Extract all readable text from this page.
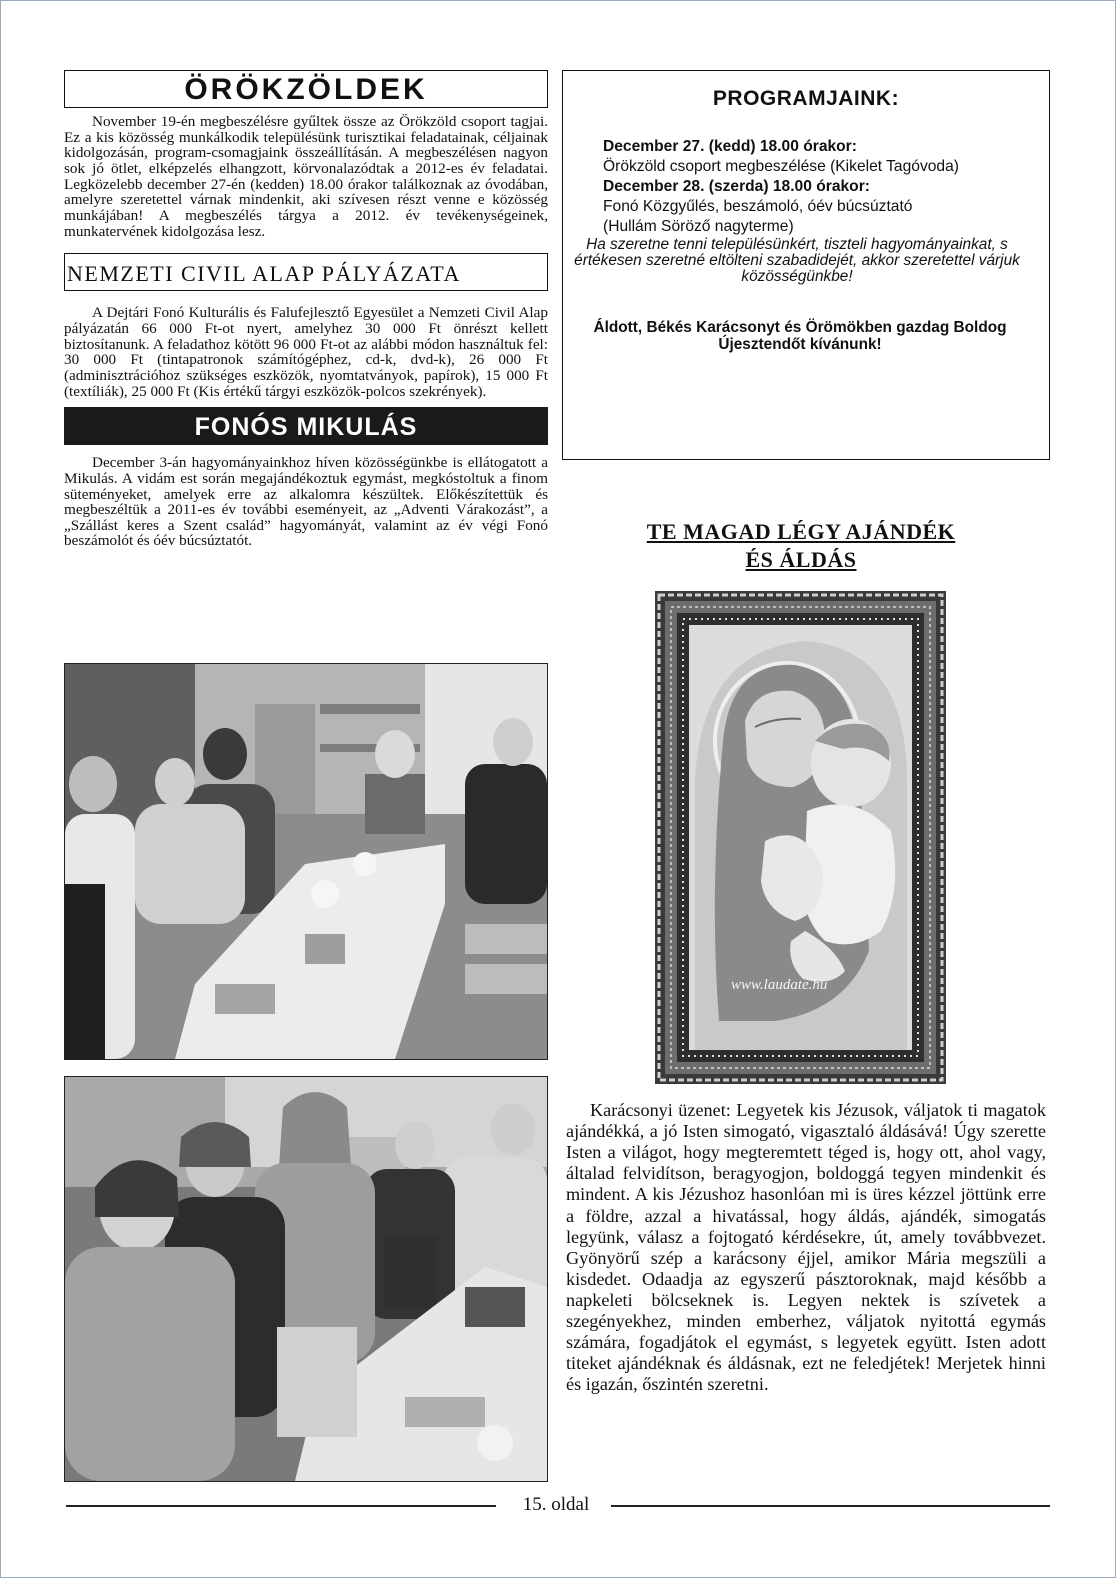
ÖRÖKZÖLDEK

November 19-én megbeszélésre gyűltek össze az Örökzöld csoport tagjai. Ez a kis közösség munkálkodik településünk turisztikai feladatainak, céljainak kidolgozásán, program-csomagjaink összeállításán. A megbeszélésen nagyon sok jó ötlet, elképzelés elhangzott, körvonalazódtak a 2012-es év feladatai. Legközelebb december 27-én (kedden) 18.00 órakor találkoznak az óvodában, amelyre szeretettel várnak mindenkit, aki szívesen részt venne e közösség munkájában! A megbeszélés tárgya a 2012. év tevékenységeinek, munkatervének kidolgozása lesz.

NEMZETI CIVIL ALAP PÁLYÁZATA

A Dejtári Fonó Kulturális és Falufejlesztő Egyesület a Nemzeti Civil Alap pályázatán 66 000 Ft-ot nyert, amelyhez 30 000 Ft önrészt kellett biztosítanunk. A feladathoz kötött 96 000 Ft-ot az alábbi módon használtuk fel: 30 000 Ft (tintapatronok számítógéphez, cd-k, dvd-k), 26 000 Ft (adminisztrációhoz szükséges eszközök, nyomtatványok, papírok), 15 000 Ft (textíliák), 25 000 Ft (Kis értékű tárgyi eszközök-polcos szekrények).

FONÓS MIKULÁS

December 3-án hagyományainkhoz híven közösségünkbe is ellátogatott a Mikulás. A vidám est során megajándékoztuk egymást, megkóstoltuk a finom süteményeket, amelyek erre az alkalomra készültek. Előkészítettük és megbeszéltük a 2011-es év további eseményeit, az „Adventi Várakozást”, a „Szállást keres a Szent család” hagyományát, valamint az év végi Fonó beszámolót és óév búcsúztatót.

PROGRAMJAINK:

December 27. (kedd) 18.00 órakor:

Örökzöld csoport megbeszélése (Kikelet Tagóvoda)

December 28. (szerda) 18.00 órakor:

Fonó Közgyűlés, beszámoló, óév búcsúztató

(Hullám Söröző nagyterme)

Ha szeretne tenni településünkért, tiszteli hagyományainkat, s értékesen szeretné eltölteni szabadidejét, akkor szeretettel várjuk közösségünkbe!

Áldott, Békés Karácsonyt és Örömökben gazdag Boldog Újesztendőt kívánunk!

TE MAGAD LÉGY AJÁNDÉK
ÉS ÁLDÁS
www.laudate.hu

Karácsonyi üzenet: Legyetek kis Jézusok, váljatok ti magatok ajándékká, a jó Isten simogató, vigasztaló áldásává! Úgy szerette Isten a világot, hogy megteremtett téged is, hogy ott, ahol vagy, általad felvidítson, beragyogjon, boldoggá tegyen mindenkit és mindent. A kis Jézushoz hasonlóan mi is üres kézzel jöttünk erre a földre, azzal a hivatással, hogy áldás, ajándék, simogatás legyünk, válasz a fojtogató kérdésekre, út, amely továbbvezet. Gyönyörű szép a karácsony éjjel, amikor Mária megszüli a kisdedet. Odaadja az egyszerű pásztoroknak, majd később a napkeleti bölcseknek is. Legyen nektek is szívetek a szegényekhez, minden emberhez, váljatok nyitottá egymás számára, fogadjátok el egymást, s legyetek együtt. Isten adott titeket ajándéknak és áldásnak, ezt ne feledjétek! Merjetek hinni és igazán, őszintén szeretni.

15. oldal
